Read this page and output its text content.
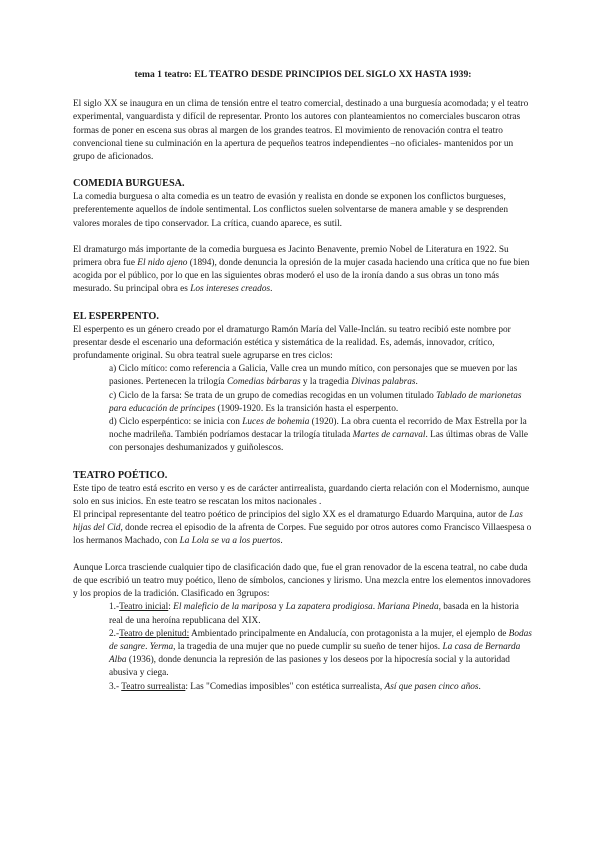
tema 1 teatro: EL TEATRO DESDE PRINCIPIOS DEL SIGLO XX HASTA 1939:

El siglo XX se inaugura en un clima de tensión entre el teatro comercial, destinado a una burguesía acomodada; y el teatro experimental, vanguardista y difícil de representar. Pronto los autores con planteamientos no comerciales buscaron otras formas de poner en escena sus obras al margen de los grandes teatros. El movimiento de renovación contra el teatro convencional tiene su culminación en la apertura de pequeños teatros independientes –no oficiales- mantenidos por un grupo de aficionados.

COMEDIA BURGUESA.

La comedia burguesa o alta comedia es un teatro de evasión y realista en donde se exponen los conflictos burgueses, preferentemente aquellos de índole sentimental. Los conflictos suelen solventarse de manera amable y se desprenden valores morales de tipo conservador. La crítica, cuando aparece, es sutil.

El dramaturgo más importante de la comedia burguesa es Jacinto Benavente, premio Nobel de Literatura en 1922. Su primera obra fue El nido ajeno (1894), donde denuncia la opresión de la mujer casada haciendo una crítica que no fue bien acogida por el público, por lo que en las siguientes obras moderó el uso de la ironía dando a sus obras un tono más mesurado. Su principal obra es Los intereses creados.

EL ESPERPENTO.

El esperpento es un género creado por el dramaturgo Ramón María del Valle-Inclán. su teatro recibió este nombre por presentar desde el escenario una deformación estética y sistemática de la realidad. Es, además, innovador, crítico, profundamente original. Su obra teatral suele agruparse en tres ciclos:

a) Ciclo mítico: como referencia a Galicia, Valle crea un mundo mítico, con personajes que se mueven por las pasiones. Pertenecen la trilogía Comedias bárbaras y la tragedia Divinas palabras.

c) Ciclo de la farsa: Se trata de un grupo de comedias recogidas en un volumen titulado Tablado de marionetas para educación de príncipes (1909-1920. Es la transición hasta el esperpento.

d) Ciclo esperpéntico: se inicia con Luces de bohemia (1920). La obra cuenta el recorrido de Max Estrella por la noche madrileña. También podríamos destacar la trilogía titulada Martes de carnaval. Las últimas obras de Valle con personajes deshumanizados y guiñolescos.

TEATRO POÉTICO.

Este tipo de teatro está escrito en verso y es de carácter antirrealista, guardando cierta relación con el Modernismo, aunque solo en sus inicios. En este teatro se rescatan los mitos nacionales .

El principal representante del teatro poético de principios del siglo XX es el dramaturgo Eduardo Marquina, autor de Las hijas del Cid, donde recrea el episodio de la afrenta de Corpes. Fue seguido por otros autores como Francisco Villaespesa o los hermanos Machado, con La Lola se va a los puertos.

Aunque Lorca trasciende cualquier tipo de clasificación dado que, fue el gran renovador de la escena teatral, no cabe duda de que escribió un teatro muy poético, lleno de símbolos, canciones y lirismo. Una mezcla entre los elementos innovadores y los propios de la tradición. Clasificado en 3grupos:

1.-Teatro inicial: El maleficio de la mariposa y La zapatera prodigiosa. Mariana Pineda, basada en la historia real de una heroína republicana del XIX.

2.-Teatro de plenitud: Ambientado principalmente en Andalucía, con protagonista a la mujer, el ejemplo de Bodas de sangre. Yerma, la tragedia de una mujer que no puede cumplir su sueño de tener hijos. La casa de Bernarda Alba (1936), donde denuncia la represión de las pasiones y los deseos por la hipocresía social y la autoridad abusiva y ciega.

3.- Teatro surrealista: Las "Comedias imposibles" con estética surrealista, Así que pasen cinco años.
